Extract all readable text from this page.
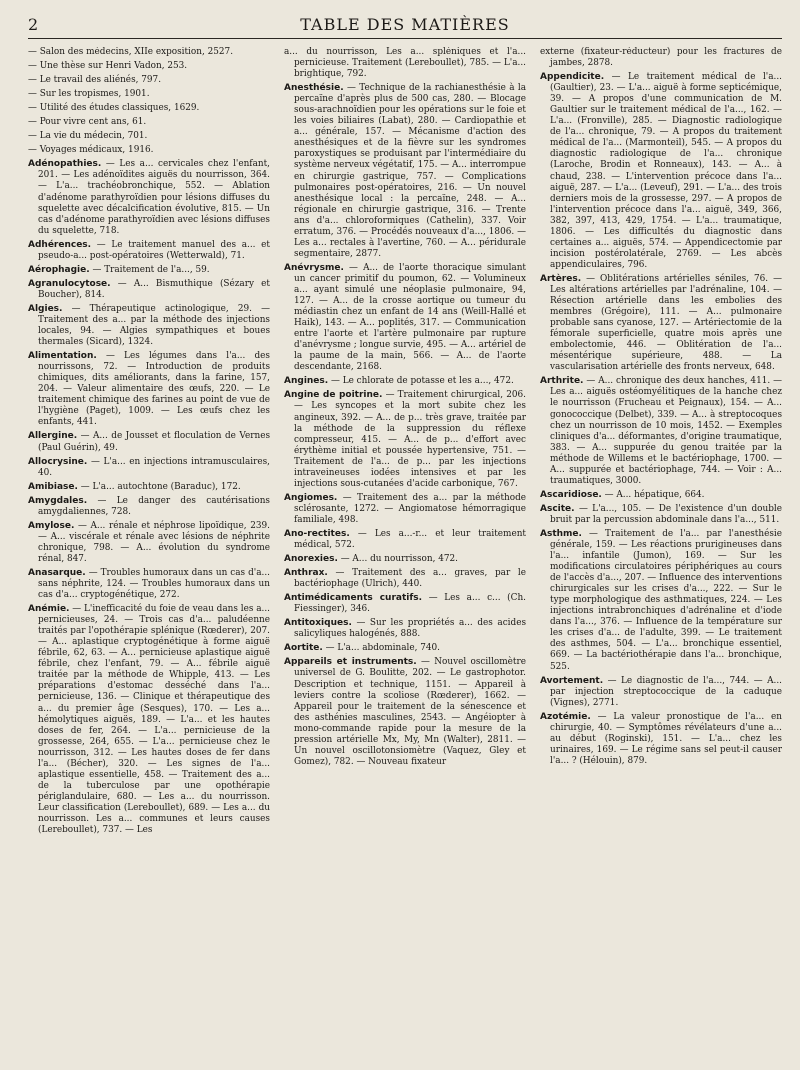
2	TABLE DES MATIÈRES
— Salon des médecins, XIIe exposition, 2527.
— Une thèse sur Henri Vadon, 253.
— Le travail des aliénés, 797.
— Sur les tropismes, 1901.
— Utilité des études classiques, 1629.
— Pour vivre cent ans, 61.
— La vie du médecin, 701.
— Voyages médicaux, 1916.
Adénopathies. — Les a... cervicales chez l'enfant, 201. — Les adénoïdites aiguës du nourrisson, 364. — L'a... trachéobronchique, 552. — Ablation d'adénome parathyroïdien pour lésions diffuses du squelette avec décalcification évolutive, 815. — Un cas d'adénome parathyroïdien avec lésions diffuses du squelette, 718.
Adhérences. — Le traitement manuel des a... et pseudo-a... post-opératoires (Wetterwald), 71.
Aérophagie. — Traitement de l'a..., 59.
Agranulocytose. — A... Bismuthique (Sézary et Boucher), 814.
Algies. — Thérapeutique actinologique, 29. — Traitement des a... par la méthode des injections locales, 94. — Algies sympathiques et boues thermales (Sicard), 1324.
Alimentation. — Les légumes dans l'a... des nourrissons, 72. — Introduction de produits chimiques, dits améliorants, dans la farine, 157, 204. — Valeur alimentaire des œufs, 220. — Le traitement chimique des farines au point de vue de l'hygiène (Paget), 1009. — Les œufs chez les enfants, 441.
Allergine. — A... de Jousset et floculation de Vernes (Paul Guérin), 49.
Allocrysine. — L'a... en injections intramusculaires, 40.
Amibiase. — L'a... autochtone (Baraduc), 172.
Amygdales. — Le danger des cautérisations amygdaliennes, 728.
Amylose. — A... rénale et néphrose lipoïdique, 239. — A... viscérale et rénale avec lésions de néphrite chronique, 798. — A... évolution du syndrome rénal, 847.
Anasarque. — Troubles humoraux dans un cas d'a... sans néphrite, 124. — Troubles humoraux dans un cas d'a... cryptogénétique, 272.
Anémie. — L'inefficacité du foie de veau dans les a... pernicieuses, 24. — Trois cas d'a... paludéenne traités par l'opothérapie splénique (Rœderer), 207. — A... aplastique cryptogénétique à forme aiguë fébrile, 62, 63. — A... pernicieuse aplastique aiguë fébrile, chez l'enfant, 79. — A... fébrile aiguë traitée par la méthode de Whipple, 413. — Les préparations d'estomac desséché dans l'a... pernicieuse, 136. — Clinique et thérapeutique des a... du premier âge (Sesques), 170. — Les a... hémolytiques aiguës, 189. — L'a... et les hautes doses de fer, 264. — L'a... pernicieuse de la grossesse, 264, 655. — L'a... pernicieuse chez le nourrisson, 312. — Les hautes doses de fer dans l'a... (Bécher), 320. — Les signes de l'a... aplastique essentielle, 458. — Traitement des a... de la tuberculose par une opothérapie périglandulaire, 680. — Les a... du nourrisson. Leur classification (Lereboullet), 689. — Les a... du nourrisson. Les a... communes et leurs causes (Lereboullet), 737. — Les
a... du nourrisson, Les a... spléniques et l'a... pernicieuse. Traitement (Lereboullet), 785. — L'a... brightique, 792.
Anesthésie. — Technique de la rachianesthésie à la percaïne d'après plus de 500 cas, 280. — Blocage sous-arachnoïdien pour les opérations sur le foie et les voies biliaires (Labat), 280. — Cardiopathie et a... générale, 157. — Mécanisme d'action des anesthésiques et de la fièvre sur les syndromes paroxystiques se produisant par l'intermédiaire du système nerveux végétatif, 175. — A... interrompue en chirurgie gastrique, 757. — Complications pulmonaires post-opératoires, 216. — Un nouvel anesthésique local : la percaïne, 248. — A... régionale en chirurgie gastrique, 316. — Trente ans d'a... chloroformiques (Cathelin), 337. Voir erratum, 376. — Procédés nouveaux d'a..., 1806. — Les a... rectales à l'avertine, 760. — A... péridurale segmentaire, 2877.
Anévrysme. — A... de l'aorte thoracique simulant un cancer primitif du poumon, 62. — Volumineux a... ayant simulé une néoplasie pulmonaire, 94, 127. — A... de la crosse aortique ou tumeur du médiastin chez un enfant de 14 ans (Weill-Hallé et Haik), 143. — A... poplités, 317. — Communication entre l'aorte et l'artère pulmonaire par rupture d'anévrysme ; longue survie, 495. — A... artériel de la paume de la main, 566. — A... de l'aorte descendante, 2168.
Angines. — Le chlorate de potasse et les a..., 472.
Angine de poitrine. — Traitement chirurgical, 206. — Les syncopes et la mort subite chez les angineux, 392. — A... de p... très grave, traitée par la méthode de la suppression du réflexe compresseur, 415. — A... de p... d'effort avec érythème initial et poussée hypertensive, 751. — Traitement de l'a... de p... par les injections intraveineuses iodées intensives et par les injections sous-cutanées d'acide carbonique, 767.
Angiomes. — Traitement des a... par la méthode sclérosante, 1272. — Angiomatose hémorragique familiale, 498.
Ano-rectites. — Les a...-r... et leur traitement médical, 572.
Anorexies. — A... du nourrisson, 472.
Anthrax. — Traitement des a... graves, par le bactériophage (Ulrich), 440.
Antimédicaments curatifs. — Les a... c... (Ch. Fiessinger), 346.
Antitoxiques. — Sur les propriétés a... des acides salicyliques halogénés, 888.
Aortite. — L'a... abdominale, 740.
Appareils et instruments. — Nouvel oscillomètre universel de G. Boulitte, 202. — Le gastrophotor. Description et technique, 1151. — Appareil à leviers contre la scoliose (Rœderer), 1662. — Appareil pour le traitement de la sénescence et des asthénies masculines, 2543. — Angéiopter à mono-commande rapide pour la mesure de la pression artérielle Mx, My, Mn (Walter), 2811. — Un nouvel oscillotonsiomètre (Vaquez, Gley et Gomez), 782. — Nouveau fixateur
externe (fixateur-réducteur) pour les fractures de jambes, 2878.
Appendicite. — Le traitement médical de l'a... (Gaultier), 23. — L'a... aiguë à forme septicémique, 39. — A propos d'une communication de M. Gaultier sur le traitement médical de l'a..., 162. — L'a... (Fronville), 285. — Diagnostic radiologique de l'a... chronique, 79. — A propos du traitement médical de l'a... (Marmonteil), 545. — A propos du diagnostic radiologique de l'a... chronique (Laroche, Brodin et Ronneaux), 143. — A... à chaud, 238. — L'intervention précoce dans l'a... aiguë, 287. — L'a... (Leveuf), 291. — L'a... des trois derniers mois de la grossesse, 297. — A propos de l'intervention précoce dans l'a... aiguë, 349, 366, 382, 397, 413, 429, 1754. — L'a... traumatique, 1806. — Les difficultés du diagnostic dans certaines a... aiguës, 574. — Appendicectomie par incision postérolatérale, 2769. — Les abcès appendiculaires, 796.
Artères. — Oblitérations artérielles séniles, 76. — Les altérations artérielles par l'adrénaline, 104. — Résection artérielle dans les embolies des membres (Grégoire), 111. — A... pulmonaire probable sans cyanose, 127. — Artériectomie de la fémorale superficielle, quatre mois après une embolectomie, 446. — Oblitération de l'a... mésentérique supérieure, 488. — La vascularisation artérielle des fronts nerveux, 648.
Arthrite. — A... chronique des deux hanches, 411. — Les a... aiguës ostéomyélitiques de la hanche chez le nourrisson (Frucheau et Peignaux), 154. — A... gonococcique (Delbet), 339. — A... à streptocoques chez un nourrisson de 10 mois, 1452. — Exemples cliniques d'a... déformantes, d'origine traumatique, 383. — A... suppurée du genou traitée par la méthode de Willems et le bactériophage, 1700. — A... suppurée et bactériophage, 744. — Voir : A... traumatiques, 3000.
Ascaridiose. — A... hépatique, 664.
Ascite. — L'a..., 105. — De l'existence d'un double bruit par la percussion abdominale dans l'a..., 511.
Asthme. — Traitement de l'a... par l'anesthésie générale, 159. — Les réactions prurigineuses dans l'a... infantile (Jumon), 169. — Sur les modifications circulatoires périphériques au cours de l'accès d'a..., 207. — Influence des interventions chirurgicales sur les crises d'a..., 222. — Sur le type morphologique des asthmatiques, 224. — Les injections intrabronchiques d'adrénaline et d'iode dans l'a..., 376. — Influence de la température sur les crises d'a... de l'adulte, 399. — Le traitement des asthmes, 504. — L'a... bronchique essentiel, 669. — La bactériothérapie dans l'a... bronchique, 525.
Avortement. — Le diagnostic de l'a..., 744. — A... par injection streptococcique de la caduque (Vignes), 2771.
Azotémie. — La valeur pronostique de l'a... en chirurgie, 40. — Symptômes révélateurs d'une a... au début (Roginski), 151. — L'a... chez les urinaires, 169. — Le régime sans sel peut-il causer l'a... ? (Hélouin), 879.
